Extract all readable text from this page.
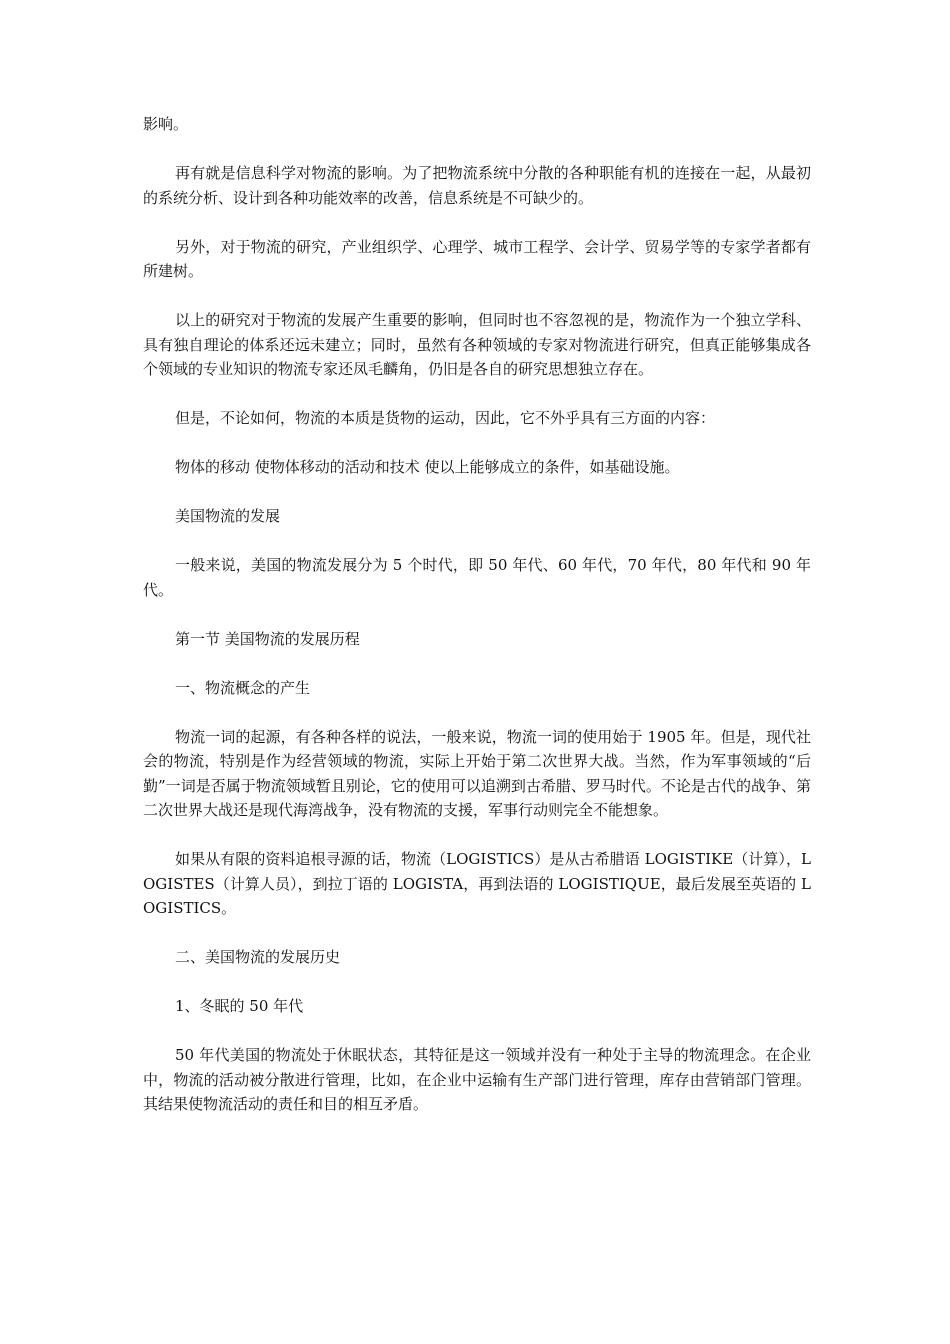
影响。

再有就是信息科学对物流的影响。为了把物流系统中分散的各种职能有机的连接在一起，从最初的系统分析、设计到各种功能效率的改善，信息系统是不可缺少的。

另外，对于物流的研究，产业组织学、心理学、城市工程学、会计学、贸易学等的专家学者都有所建树。

以上的研究对于物流的发展产生重要的影响，但同时也不容忽视的是，物流作为一个独立学科、具有独自理论的体系还远未建立；同时，虽然有各种领域的专家对物流进行研究，但真正能够集成各个领域的专业知识的物流专家还凤毛麟角，仍旧是各自的研究思想独立存在。

但是，不论如何，物流的本质是货物的运动，因此，它不外乎具有三方面的内容：

物体的移动 使物体移动的活动和技术 使以上能够成立的条件，如基础设施。

美国物流的发展

一般来说，美国的物流发展分为 5 个时代，即 50 年代、60 年代，70 年代，80 年代和 90 年代。

第一节 美国物流的发展历程

一、物流概念的产生

物流一词的起源，有各种各样的说法，一般来说，物流一词的使用始于 1905 年。但是，现代社会的物流，特别是作为经营领域的物流，实际上开始于第二次世界大战。当然，作为军事领域的“后勤”一词是否属于物流领域暂且别论，它的使用可以追溯到古希腊、罗马时代。不论是古代的战争、第二次世界大战还是现代海湾战争，没有物流的支援，军事行动则完全不能想象。

如果从有限的资料追根寻源的话，物流（LOGISTICS）是从古希腊语 LOGISTIKE（计算），LOGISTES（计算人员），到拉丁语的 LOGISTA，再到法语的 LOGISTIQUE，最后发展至英语的 LOGISTICS。

二、美国物流的发展历史

1、冬眠的 50 年代

50 年代美国的物流处于休眠状态，其特征是这一领域并没有一种处于主导的物流理念。在企业中，物流的活动被分散进行管理，比如，在企业中运输有生产部门进行管理，库存由营销部门管理。其结果使物流活动的责任和目的相互矛盾。
